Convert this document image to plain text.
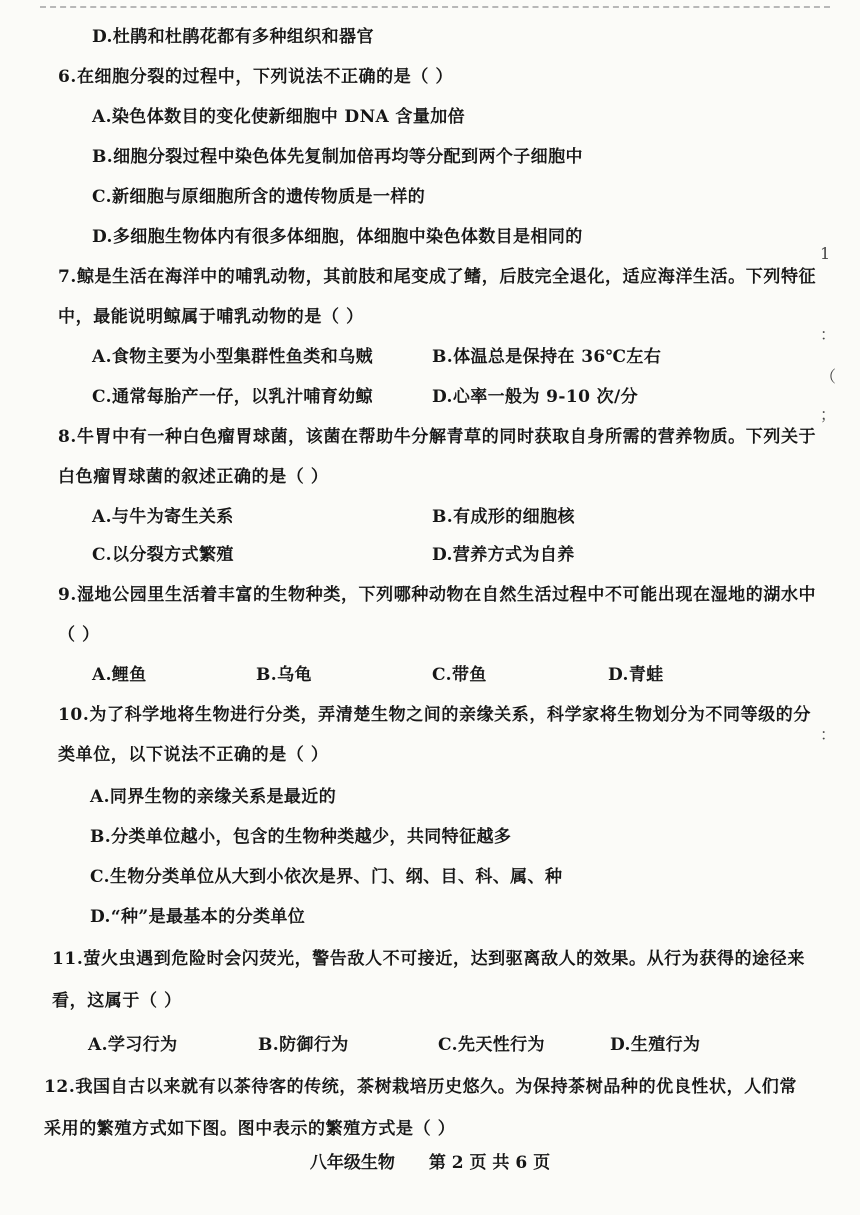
D.杜鹃和杜鹃花都有多种组织和器官
6.在细胞分裂的过程中，下列说法不正确的是（ ）
A.染色体数目的变化使新细胞中 DNA 含量加倍
B.细胞分裂过程中染色体先复制加倍再均等分配到两个子细胞中
C.新细胞与原细胞所含的遗传物质是一样的
D.多细胞生物体内有很多体细胞，体细胞中染色体数目是相同的
7.鲸是生活在海洋中的哺乳动物，其前肢和尾变成了鳍，后肢完全退化，适应海洋生活。下列特征
中，最能说明鲸属于哺乳动物的是（ ）
A.食物主要为小型集群性鱼类和乌贼	B.体温总是保持在 36℃左右
C.通常每胎产一仔，以乳汁哺育幼鲸	D.心率一般为 9-10 次/分
8.牛胃中有一种白色瘤胃球菌，该菌在帮助牛分解青草的同时获取自身所需的营养物质。下列关于
白色瘤胃球菌的叙述正确的是（ ）
A.与牛为寄生关系	B.有成形的细胞核
C.以分裂方式繁殖	D.营养方式为自养
9.湿地公园里生活着丰富的生物种类，下列哪种动物在自然生活过程中不可能出现在湿地的湖水中
（ ）
A.鲤鱼	B.乌龟	C.带鱼	D.青蛙
10.为了科学地将生物进行分类，弄清楚生物之间的亲缘关系，科学家将生物划分为不同等级的分
类单位，以下说法不正确的是（ ）
A.同界生物的亲缘关系是最近的
B.分类单位越小，包含的生物种类越少，共同特征越多
C.生物分类单位从大到小依次是界、门、纲、目、科、属、种
D.“种”是最基本的分类单位
11.萤火虫遇到危险时会闪荧光，警告敌人不可接近，达到驱离敌人的效果。从行为获得的途径来
看，这属于（ ）
A.学习行为	B.防御行为	C.先天性行为	D.生殖行为
12.我国自古以来就有以茶待客的传统，茶树栽培历史悠久。为保持茶树品种的优良性状，人们常
采用的繁殖方式如下图。图中表示的繁殖方式是（ ）
八年级生物 第 2 页 共 6 页
1
：
（
；
：
